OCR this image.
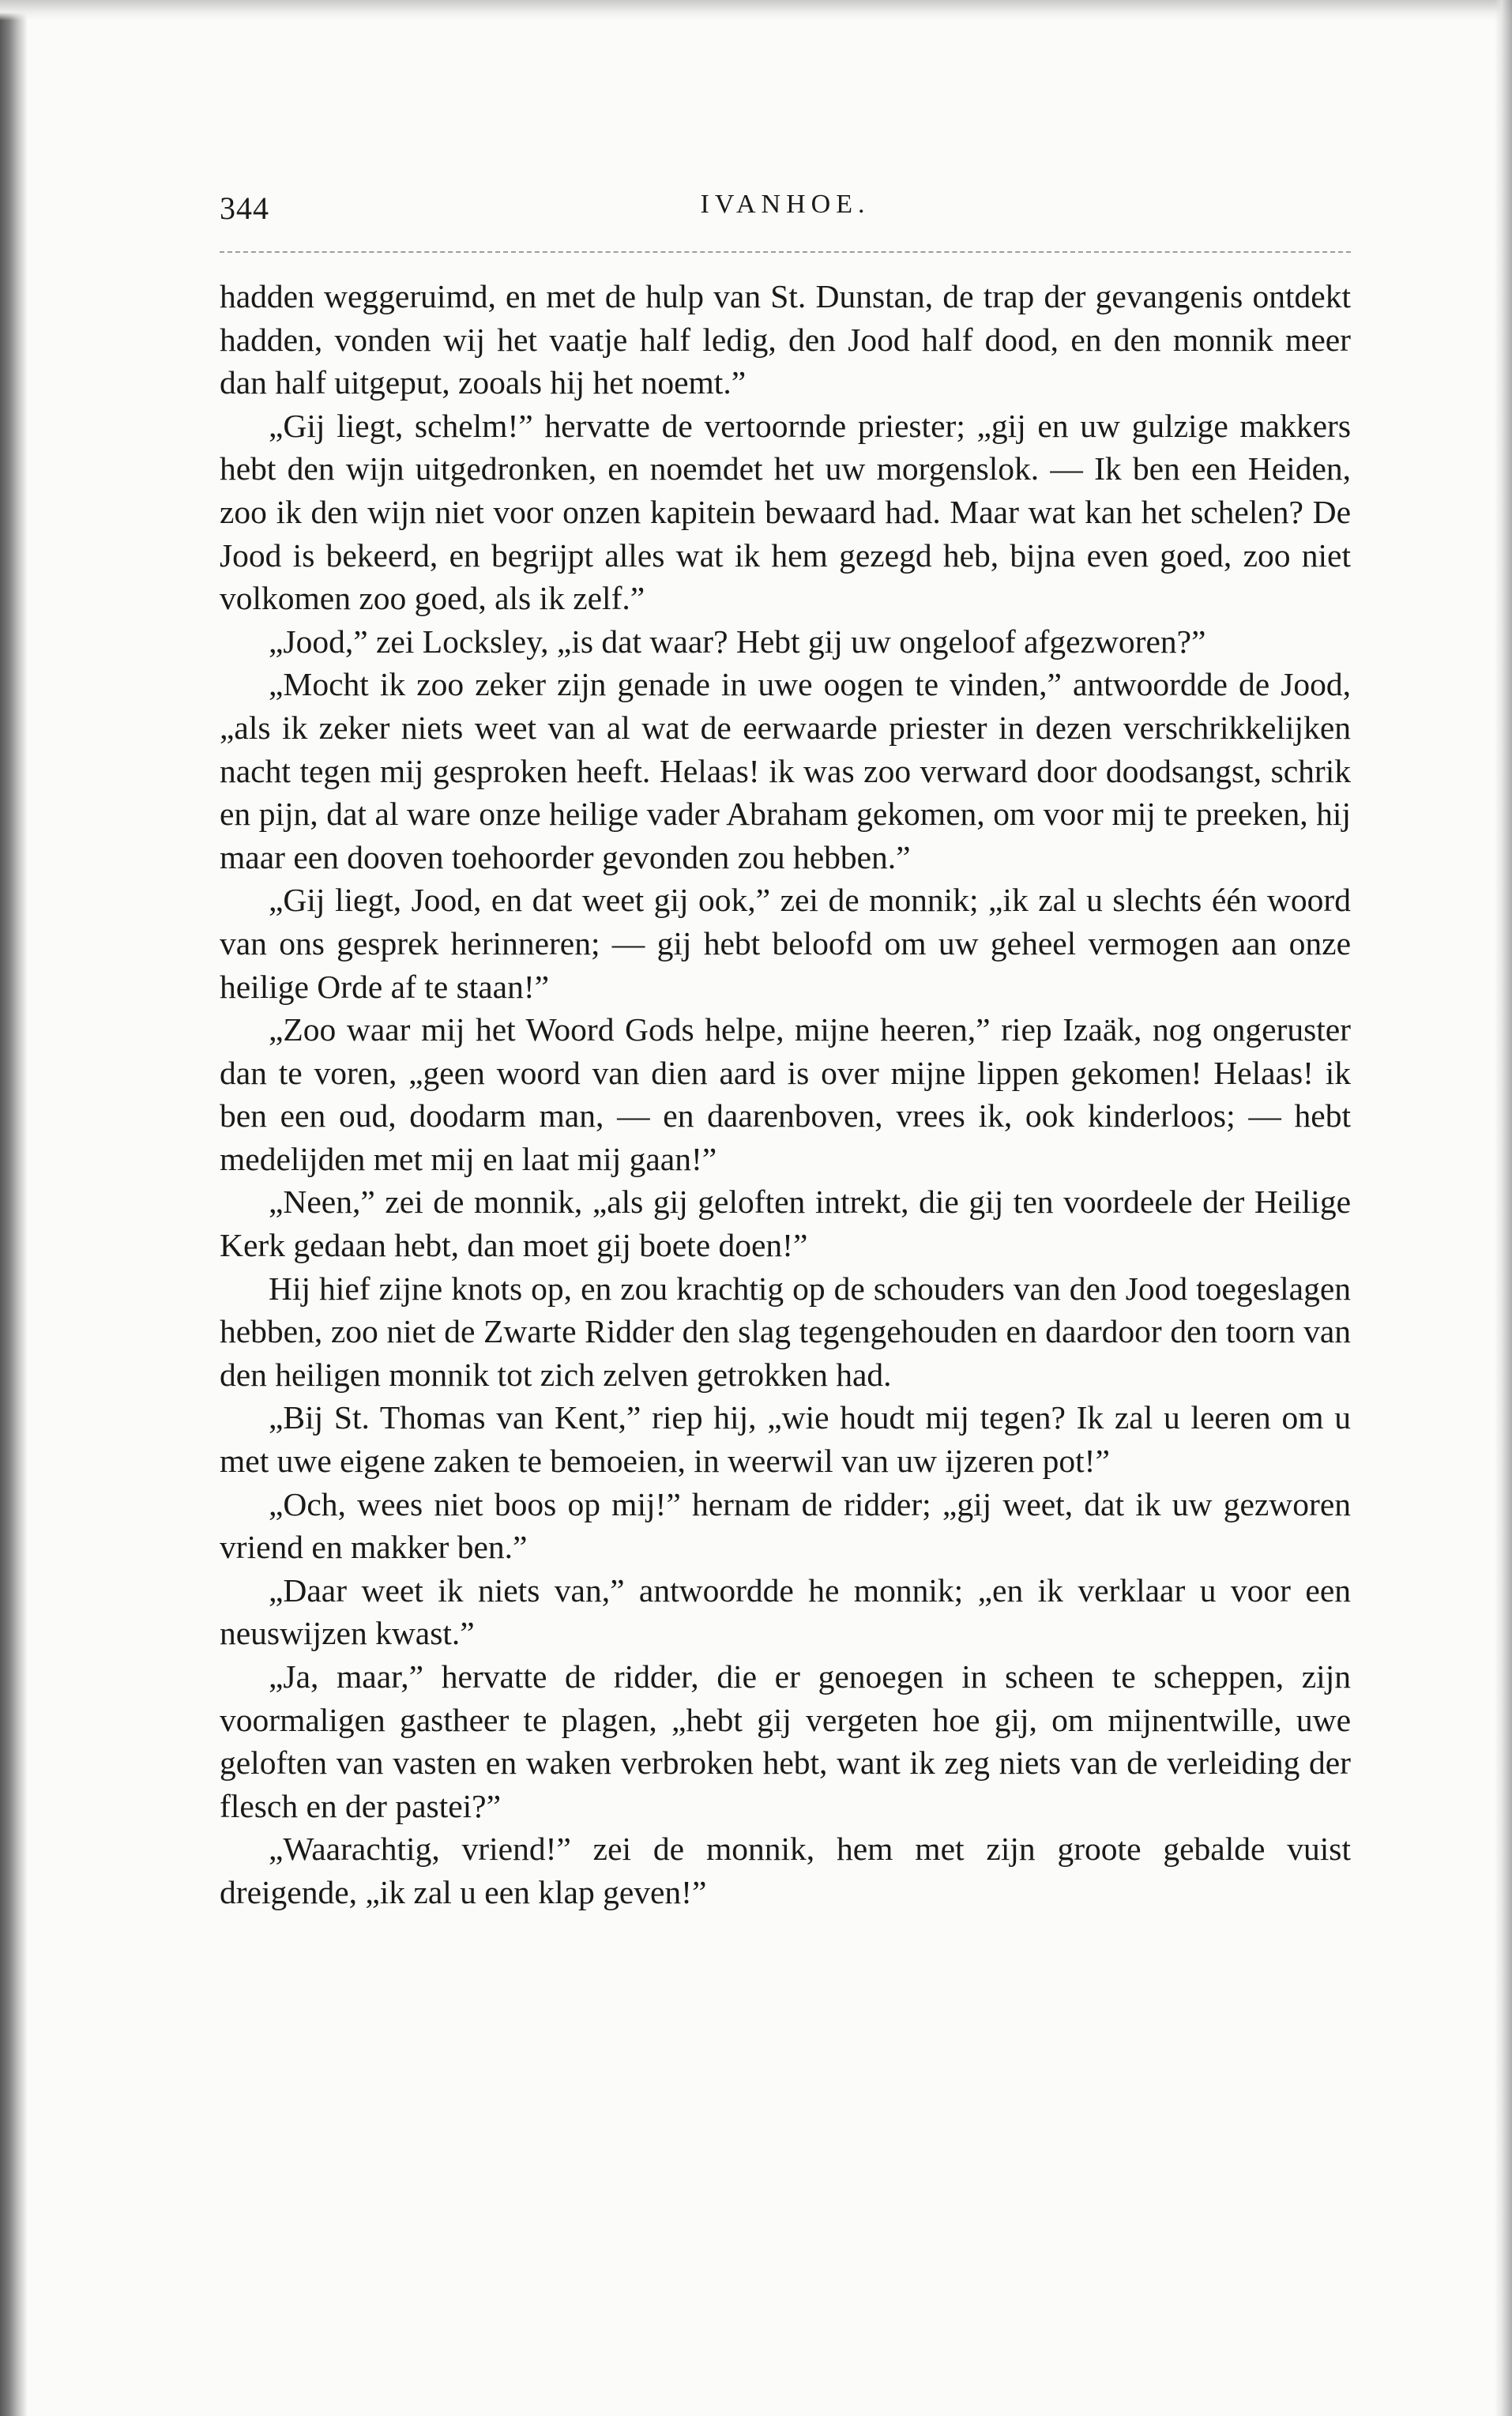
344	IVANHOE.

hadden weggeruimd, en met de hulp van St. Dunstan, de trap der gevangenis ontdekt hadden, vonden wij het vaatje half ledig, den Jood half dood, en den monnik meer dan half uitgeput, zooals hij het noemt.”

„Gij liegt, schelm!” hervatte de vertoornde priester; „gij en uw gulzige makkers hebt den wijn uitgedronken, en noemdet het uw morgenslok. — Ik ben een Heiden, zoo ik den wijn niet voor onzen kapitein bewaard had. Maar wat kan het schelen? De Jood is bekeerd, en begrijpt alles wat ik hem gezegd heb, bijna even goed, zoo niet volkomen zoo goed, als ik zelf.”

„Jood,” zei Locksley, „is dat waar? Hebt gij uw ongeloof afgezworen?”

„Mocht ik zoo zeker zijn genade in uwe oogen te vinden,” antwoordde de Jood, „als ik zeker niets weet van al wat de eerwaarde priester in dezen verschrikkelijken nacht tegen mij gesproken heeft. Helaas! ik was zoo verward door doodsangst, schrik en pijn, dat al ware onze heilige vader Abraham gekomen, om voor mij te preeken, hij maar een dooven toehoorder gevonden zou hebben.”

„Gij liegt, Jood, en dat weet gij ook,” zei de monnik; „ik zal u slechts één woord van ons gesprek herinneren; — gij hebt beloofd om uw geheel vermogen aan onze heilige Orde af te staan!”

„Zoo waar mij het Woord Gods helpe, mijne heeren,” riep Izaäk, nog ongeruster dan te voren, „geen woord van dien aard is over mijne lippen gekomen! Helaas! ik ben een oud, doodarm man, — en daarenboven, vrees ik, ook kinderloos; — hebt medelijden met mij en laat mij gaan!”

„Neen,” zei de monnik, „als gij geloften intrekt, die gij ten voordeele der Heilige Kerk gedaan hebt, dan moet gij boete doen!”

Hij hief zijne knots op, en zou krachtig op de schouders van den Jood toegeslagen hebben, zoo niet de Zwarte Ridder den slag tegengehouden en daardoor den toorn van den heiligen monnik tot zich zelven getrokken had.

„Bij St. Thomas van Kent,” riep hij, „wie houdt mij tegen? Ik zal u leeren om u met uwe eigene zaken te bemoeien, in weerwil van uw ijzeren pot!”

„Och, wees niet boos op mij!” hernam de ridder; „gij weet, dat ik uw gezworen vriend en makker ben.”

„Daar weet ik niets van,” antwoordde he monnik; „en ik verklaar u voor een neuswijzen kwast.”

„Ja, maar,” hervatte de ridder, die er genoegen in scheen te scheppen, zijn voormaligen gastheer te plagen, „hebt gij vergeten hoe gij, om mijnentwille, uwe geloften van vasten en waken verbroken hebt, want ik zeg niets van de verleiding der flesch en der pastei?”

„Waarachtig, vriend!” zei de monnik, hem met zijn groote gebalde vuist dreigende, „ik zal u een klap geven!”
